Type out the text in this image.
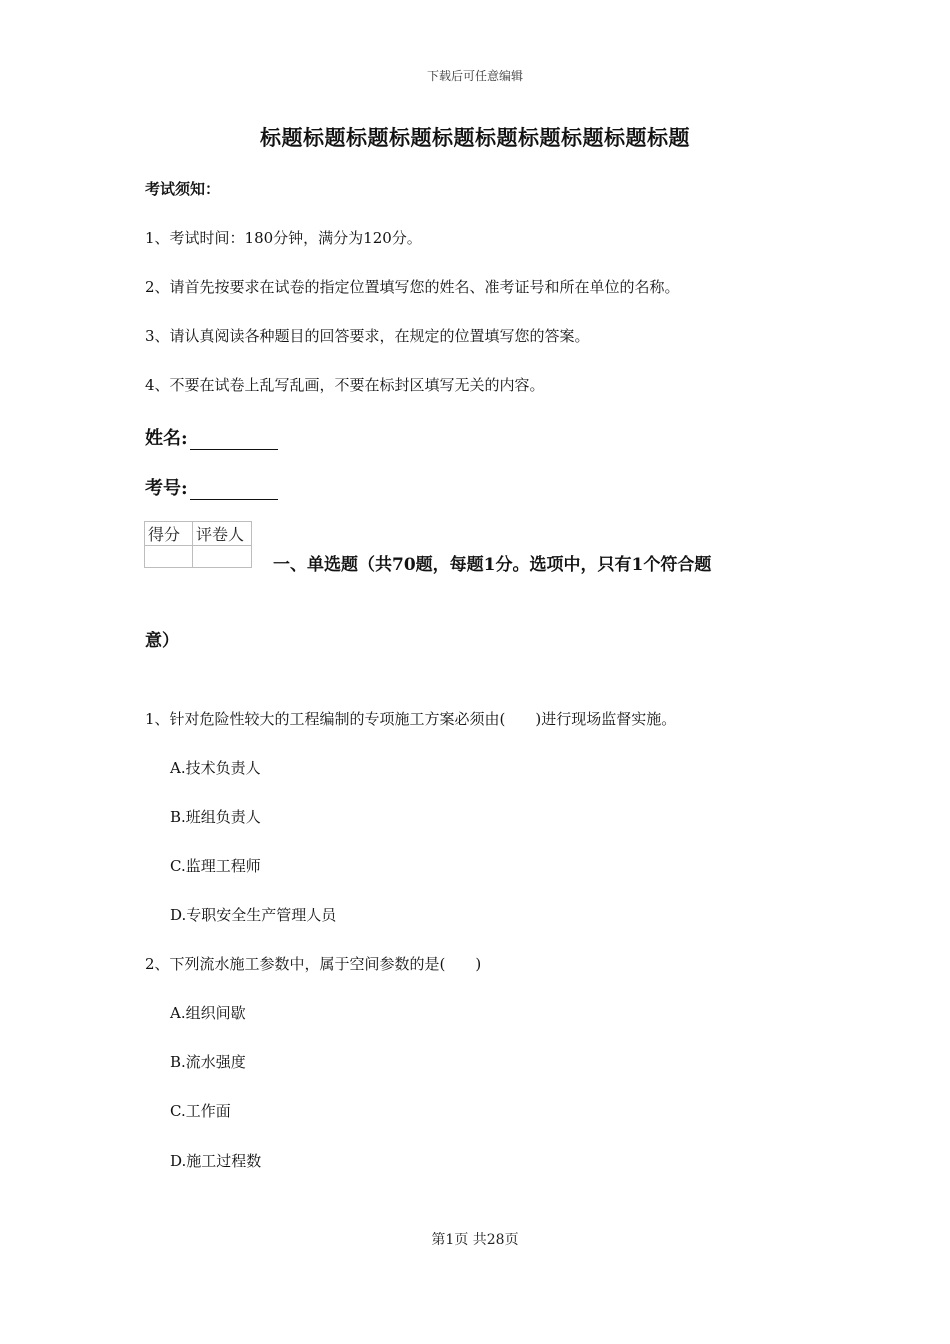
下载后可任意编辑
标题标题标题标题标题标题标题标题标题标题
考试须知：
1、考试时间：180分钟，满分为120分。
2、请首先按要求在试卷的指定位置填写您的姓名、准考证号和所在单位的名称。
3、请认真阅读各种题目的回答要求，在规定的位置填写您的答案。
4、不要在试卷上乱写乱画，不要在标封区填写无关的内容。
姓名:
考号:
得分	评卷人

一、单选题（共70题，每题1分。选项中，只有1个符合题
意）
1、针对危险性较大的工程编制的专项施工方案必须由(　　)进行现场监督实施。
A.技术负责人
B.班组负责人
C.监理工程师
D.专职安全生产管理人员
2、下列流水施工参数中，属于空间参数的是(　　)
A.组织间歇
B.流水强度
C.工作面
D.施工过程数
第1页 共28页
